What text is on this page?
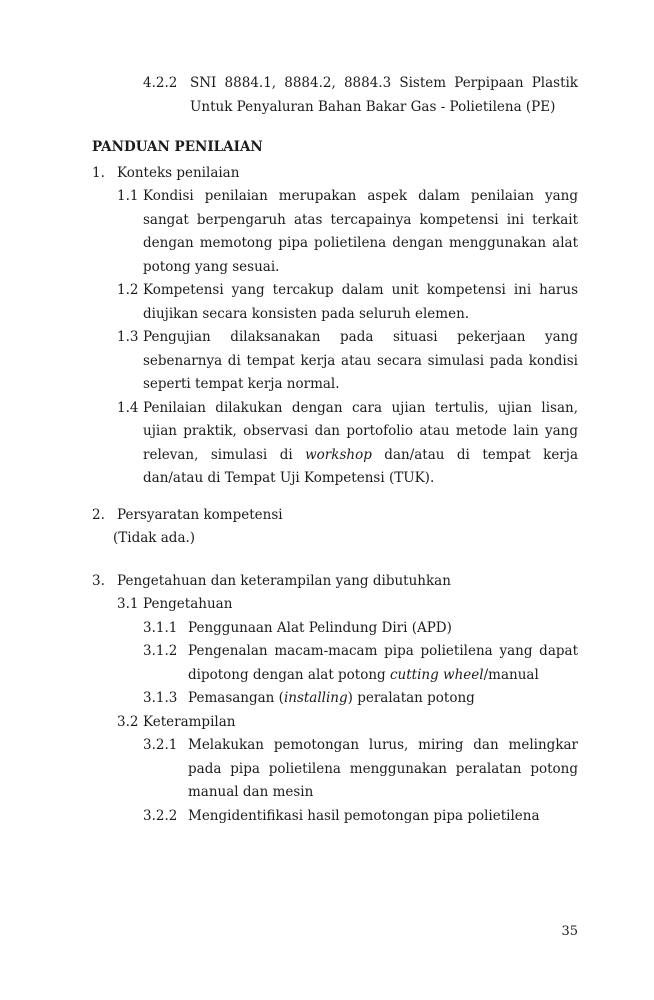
4.2.2 SNI 8884.1, 8884.2, 8884.3 Sistem Perpipaan Plastik Untuk Penyaluran Bahan Bakar Gas - Polietilena (PE)
PANDUAN PENILAIAN
1. Konteks penilaian
1.1 Kondisi penilaian merupakan aspek dalam penilaian yang sangat berpengaruh atas tercapainya kompetensi ini terkait dengan memotong pipa polietilena dengan menggunakan alat potong yang sesuai.
1.2 Kompetensi yang tercakup dalam unit kompetensi ini harus diujikan secara konsisten pada seluruh elemen.
1.3 Pengujian dilaksanakan pada situasi pekerjaan yang sebenarnya di tempat kerja atau secara simulasi pada kondisi seperti tempat kerja normal.
1.4 Penilaian dilakukan dengan cara ujian tertulis, ujian lisan, ujian praktik, observasi dan portofolio atau metode lain yang relevan, simulasi di workshop dan/atau di tempat kerja dan/atau di Tempat Uji Kompetensi (TUK).
2. Persyaratan kompetensi
(Tidak ada.)
3. Pengetahuan dan keterampilan yang dibutuhkan
3.1 Pengetahuan
3.1.1 Penggunaan Alat Pelindung Diri (APD)
3.1.2 Pengenalan macam-macam pipa polietilena yang dapat dipotong dengan alat potong cutting wheel/manual
3.1.3 Pemasangan (installing) peralatan potong
3.2 Keterampilan
3.2.1 Melakukan pemotongan lurus, miring dan melingkar pada pipa polietilena menggunakan peralatan potong manual dan mesin
3.2.2 Mengidentifikasi hasil pemotongan pipa polietilena
35
